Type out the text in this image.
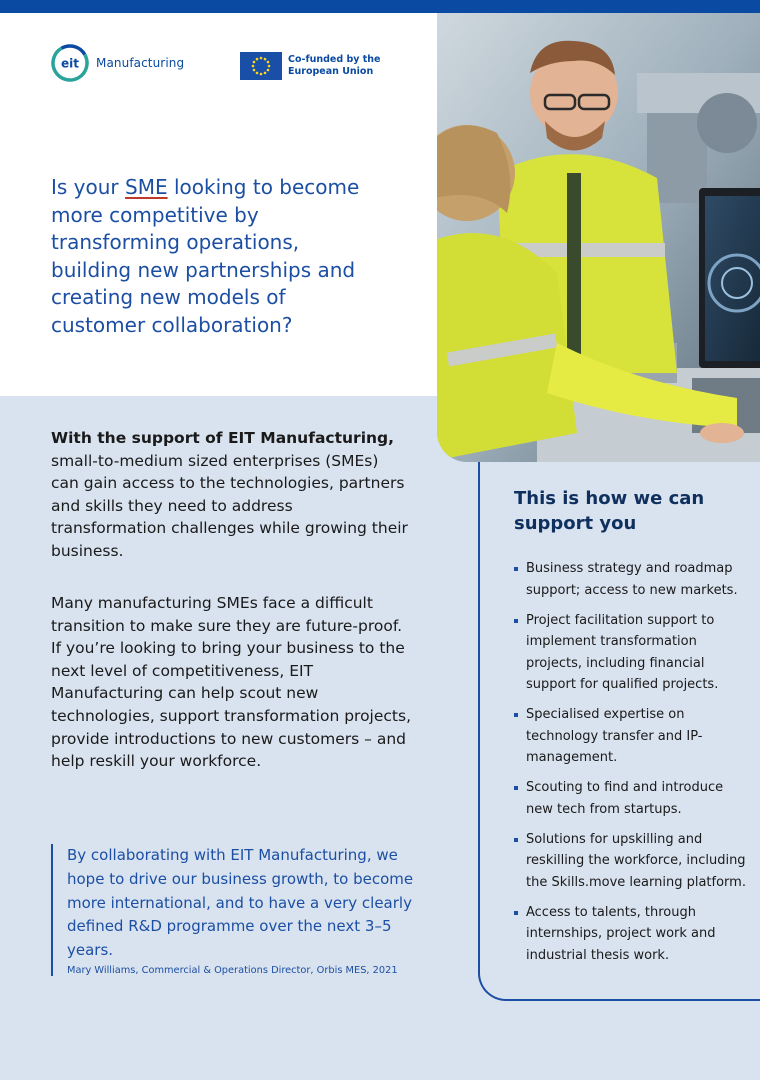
eit Manufacturing	Co-funded by the
European Union
Is your SME looking to become more competitive by transforming operations, building new partnerships and creating new models of customer collaboration?

With the support of EIT Manufacturing, small-to-medium sized enterprises (SMEs) can gain access to the technologies, partners and skills they need to address transformation challenges while growing their business.

Many manufacturing SMEs face a difficult transition to make sure they are future-proof. If you’re looking to bring your business to the next level of competitiveness, EIT Manufacturing can help scout new technologies, support transformation projects, provide introductions to new customers – and help reskill your workforce.

By collaborating with EIT Manufacturing, we hope to drive our business growth, to become more international, and to have a very clearly defined R&D programme over the next 3–5 years.

Mary Williams, Commercial & Operations Director, Orbis MES, 2021

This is how we can support you
Business strategy and roadmap support; access to new markets.
Project facilitation support to implement transformation projects, including financial support for qualified projects.
Specialised expertise on technology transfer and IP-management.
Scouting to find and introduce new tech from startups.
Solutions for upskilling and reskilling the workforce, including the Skills.move learning platform.
Access to talents, through internships, project work and industrial thesis work.
